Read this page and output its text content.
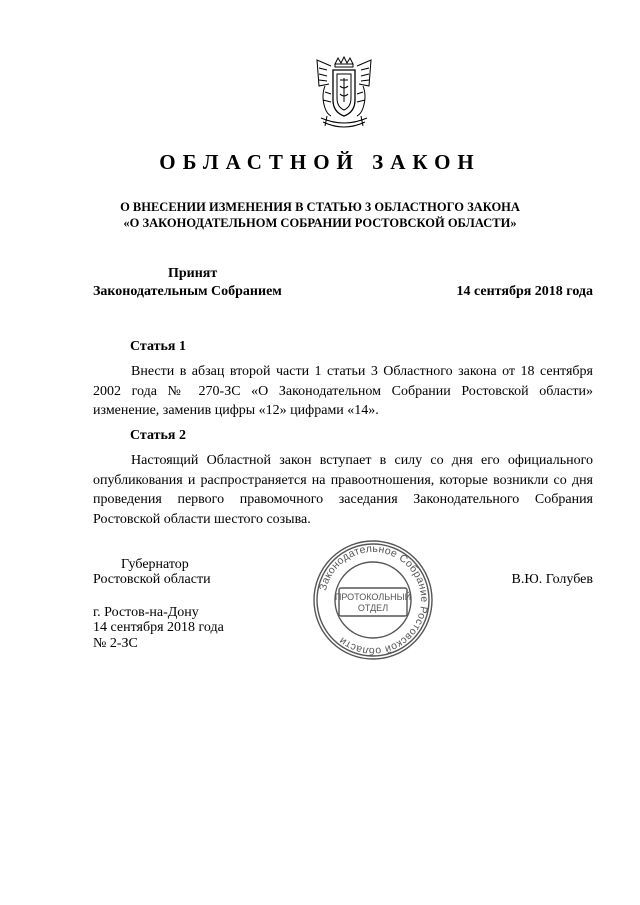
ОБЛАСТНОЙ ЗАКОН
О ВНЕСЕНИИ ИЗМЕНЕНИЯ В СТАТЬЮ 3 ОБЛАСТНОГО ЗАКОНА
«О ЗАКОНОДАТЕЛЬНОМ СОБРАНИИ РОСТОВСКОЙ ОБЛАСТИ»
Принят
Законодательным Собранием	14 сентября 2018 года
Статья 1
Внести в абзац второй части 1 статьи 3 Областного закона от 18 сентября 2002 года № 270-ЗС «О Законодательном Собрании Ростовской области» изменение, заменив цифры «12» цифрами «14».
Статья 2
Настоящий Областной закон вступает в силу со дня его официального опубликования и распространяется на правоотношения, которые возникли со дня проведения первого правомочного заседания Законодательного Собрания Ростовской области шестого созыва.
Губернатор
Ростовской области	В.Ю. Голубев
г. Ростов-на-Дону
14 сентября 2018 года
№ 2-ЗС
Законодательное Собрание Ростовской области
ПРОТОКОЛЬНЫЙ
ОТДЕЛ
